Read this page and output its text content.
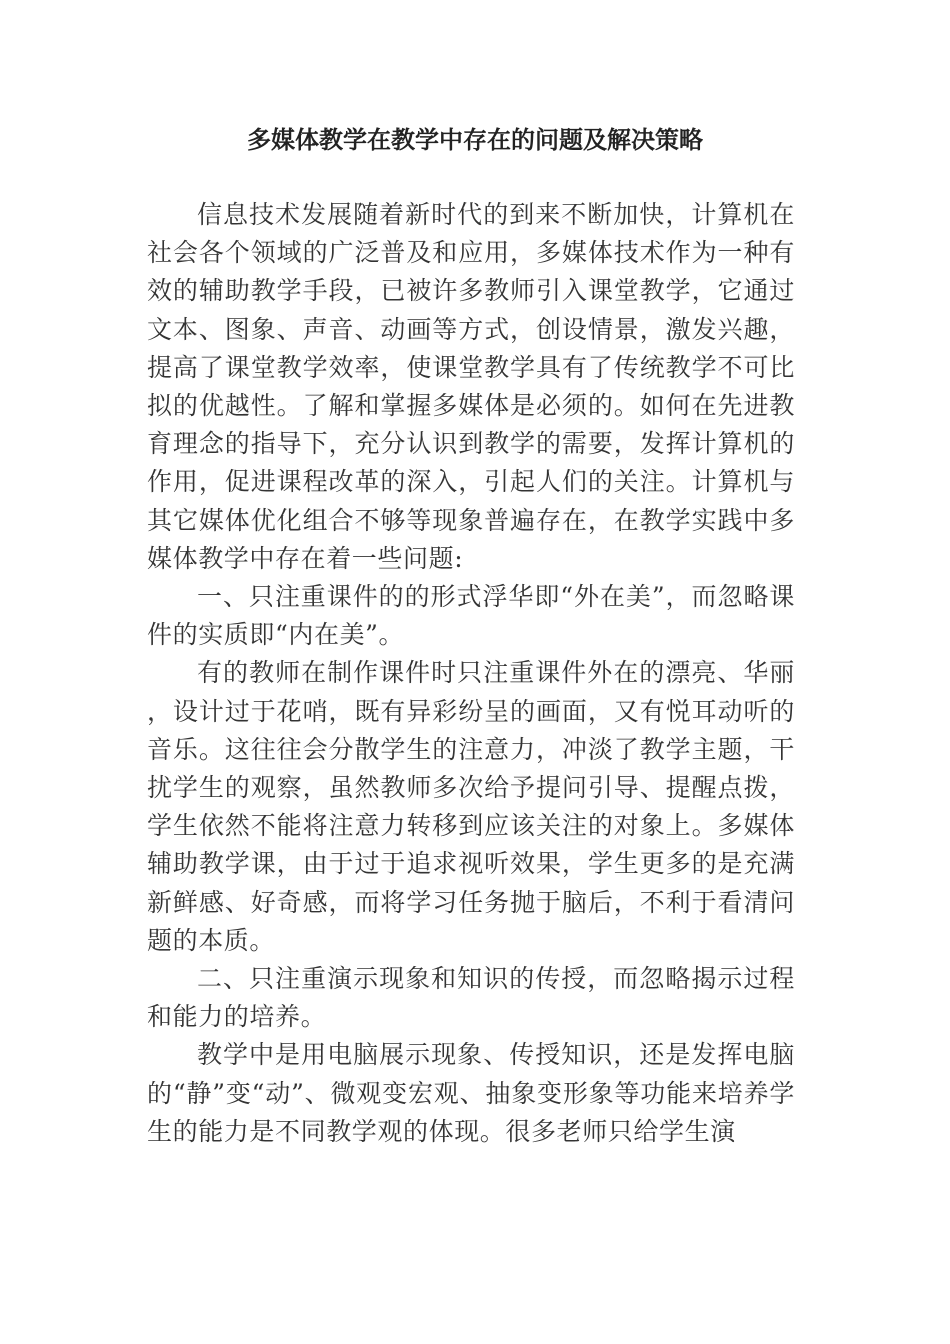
多媒体教学在教学中存在的问题及解决策略

信息技术发展随着新时代的到来不断加快，计算机在社会各个领域的广泛普及和应用，多媒体技术作为一种有效的辅助教学手段，已被许多教师引入课堂教学，它通过文本、图象、声音、动画等方式，创设情景，激发兴趣，提高了课堂教学效率，使课堂教学具有了传统教学不可比拟的优越性。了解和掌握多媒体是必须的。如何在先进教育理念的指导下，充分认识到教学的需要，发挥计算机的作用，促进课程改革的深入，引起人们的关注。计算机与其它媒体优化组合不够等现象普遍存在，在教学实践中多媒体教学中存在着一些问题:

一、只注重课件的的形式浮华即“外在美”，而忽略课件的实质即“内在美”。

有的教师在制作课件时只注重课件外在的漂亮、华丽，设计过于花哨，既有异彩纷呈的画面，又有悦耳动听的音乐。这往往会分散学生的注意力，冲淡了教学主题，干扰学生的观察，虽然教师多次给予提问引导、提醒点拨，学生依然不能将注意力转移到应该关注的对象上。多媒体辅助教学课，由于过于追求视听效果，学生更多的是充满新鲜感、好奇感，而将学习任务抛于脑后，不利于看清问题的本质。

二、只注重演示现象和知识的传授，而忽略揭示过程和能力的培养。

教学中是用电脑展示现象、传授知识，还是发挥电脑的“静”变“动”、微观变宏观、抽象变形象等功能来培养学生的能力是不同教学观的体现。很多老师只给学生演
